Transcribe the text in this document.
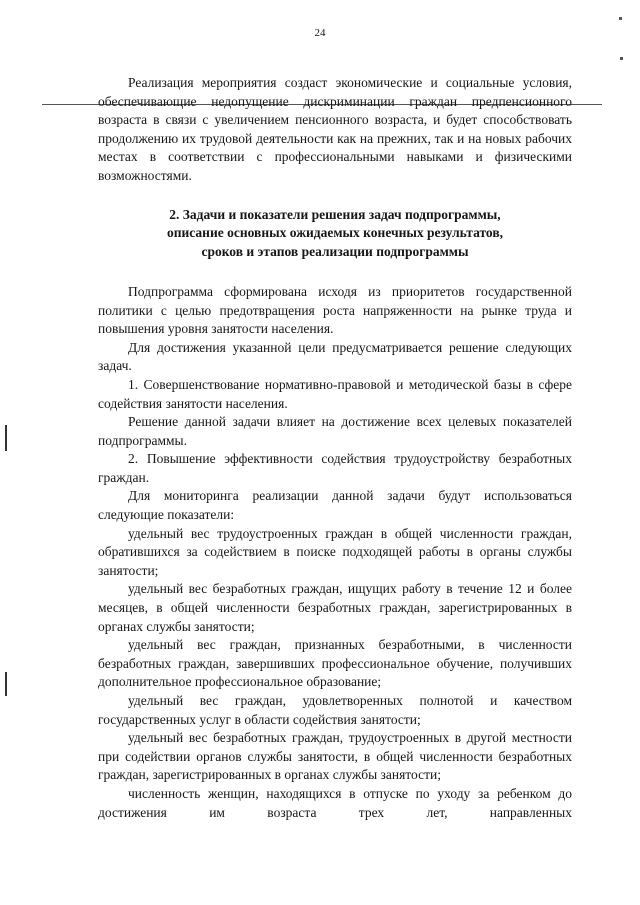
24

Реализация мероприятия создаст экономические и социальные условия, обеспечивающие недопущение дискриминации граждан предпенсионного возраста в связи с увеличением пенсионного возраста, и будет способствовать продолжению их трудовой деятельности как на прежних, так и на новых рабочих местах в соответствии с профессиональными навыками и физическими возможностями.

2. Задачи и показатели решения задач подпрограммы,
описание основных ожидаемых конечных результатов,
сроков и этапов реализации подпрограммы

Подпрограмма сформирована исходя из приоритетов государственной политики с целью предотвращения роста напряженности на рынке труда и повышения уровня занятости населения.

Для достижения указанной цели предусматривается решение следующих задач.

1. Совершенствование нормативно-правовой и методической базы в сфере содействия занятости населения.

Решение данной задачи влияет на достижение всех целевых показателей подпрограммы.

2. Повышение эффективности содействия трудоустройству безработных граждан.

Для мониторинга реализации данной задачи будут использоваться следующие показатели:

удельный вес трудоустроенных граждан в общей численности граждан, обратившихся за содействием в поиске подходящей работы в органы службы занятости;

удельный вес безработных граждан, ищущих работу в течение 12 и более месяцев, в общей численности безработных граждан, зарегистрированных в органах службы занятости;

удельный вес граждан, признанных безработными, в численности безработных граждан, завершивших профессиональное обучение, получивших дополнительное профессиональное образование;

удельный вес граждан, удовлетворенных полнотой и качеством государственных услуг в области содействия занятости;

удельный вес безработных граждан, трудоустроенных в другой местности при содействии органов службы занятости, в общей численности безработных граждан, зарегистрированных в органах службы занятости;

численность женщин, находящихся в отпуске по уходу за ребенком до достижения им возраста трех лет, направленных
